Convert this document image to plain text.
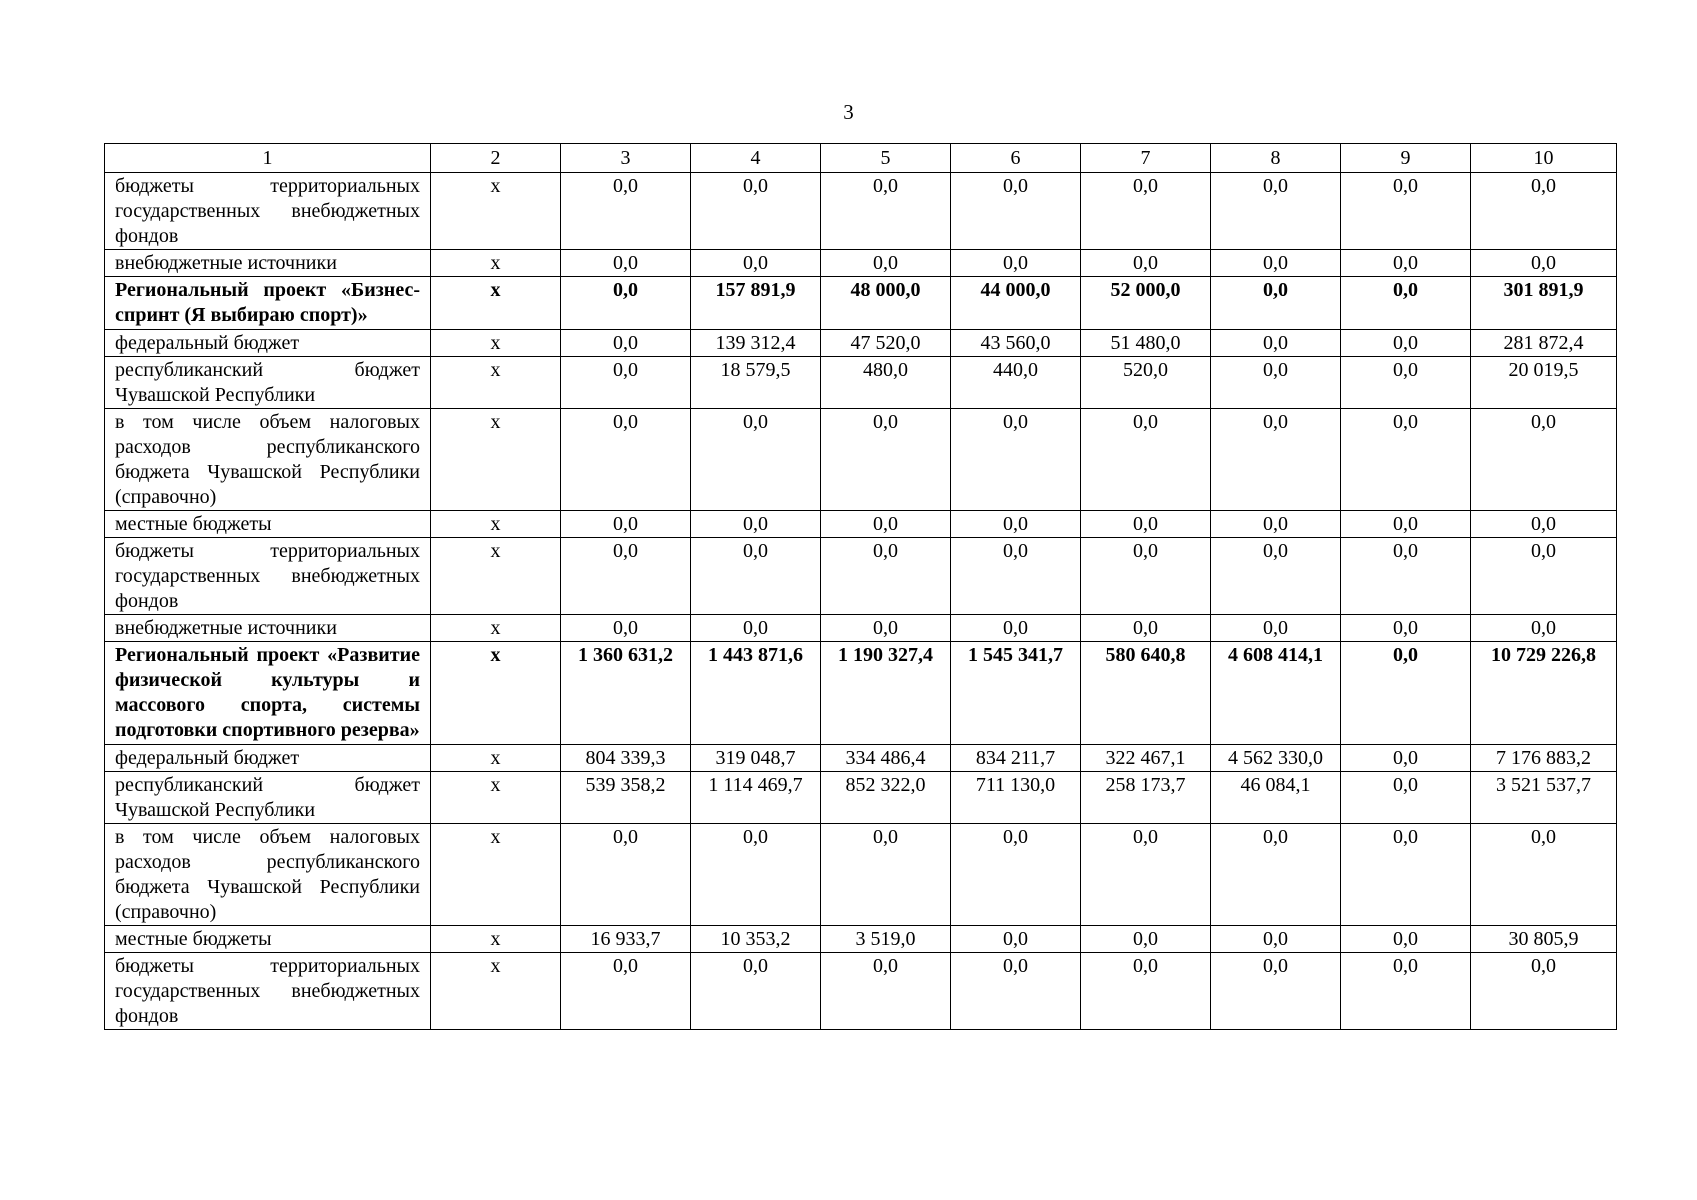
3
1	2	3	4	5	6	7	8	9	10
бюджеты территориальных государственных внебюджетных фондов	x	0,0	0,0	0,0	0,0	0,0	0,0	0,0	0,0
внебюджетные источники	x	0,0	0,0	0,0	0,0	0,0	0,0	0,0	0,0
Региональный проект «Бизнес-спринт (Я выбираю спорт)»	x	0,0	157 891,9	48 000,0	44 000,0	52 000,0	0,0	0,0	301 891,9
федеральный бюджет	x	0,0	139 312,4	47 520,0	43 560,0	51 480,0	0,0	0,0	281 872,4
республиканский бюджет Чувашской Республики	x	0,0	18 579,5	480,0	440,0	520,0	0,0	0,0	20 019,5
в том числе объем налоговых расходов республиканского бюджета Чувашской Республики (справочно)	x	0,0	0,0	0,0	0,0	0,0	0,0	0,0	0,0
местные бюджеты	x	0,0	0,0	0,0	0,0	0,0	0,0	0,0	0,0
бюджеты территориальных государственных внебюджетных фондов	x	0,0	0,0	0,0	0,0	0,0	0,0	0,0	0,0
внебюджетные источники	x	0,0	0,0	0,0	0,0	0,0	0,0	0,0	0,0
Региональный проект «Развитие физической культуры и массового спорта, системы подготовки спортивного резерва»	x	1 360 631,2	1 443 871,6	1 190 327,4	1 545 341,7	580 640,8	4 608 414,1	0,0	10 729 226,8
федеральный бюджет	x	804 339,3	319 048,7	334 486,4	834 211,7	322 467,1	4 562 330,0	0,0	7 176 883,2
республиканский бюджет Чувашской Республики	x	539 358,2	1 114 469,7	852 322,0	711 130,0	258 173,7	46 084,1	0,0	3 521 537,7
в том числе объем налоговых расходов республиканского бюджета Чувашской Республики (справочно)	x	0,0	0,0	0,0	0,0	0,0	0,0	0,0	0,0
местные бюджеты	x	16 933,7	10 353,2	3 519,0	0,0	0,0	0,0	0,0	30 805,9
бюджеты территориальных государственных внебюджетных фондов	x	0,0	0,0	0,0	0,0	0,0	0,0	0,0	0,0
